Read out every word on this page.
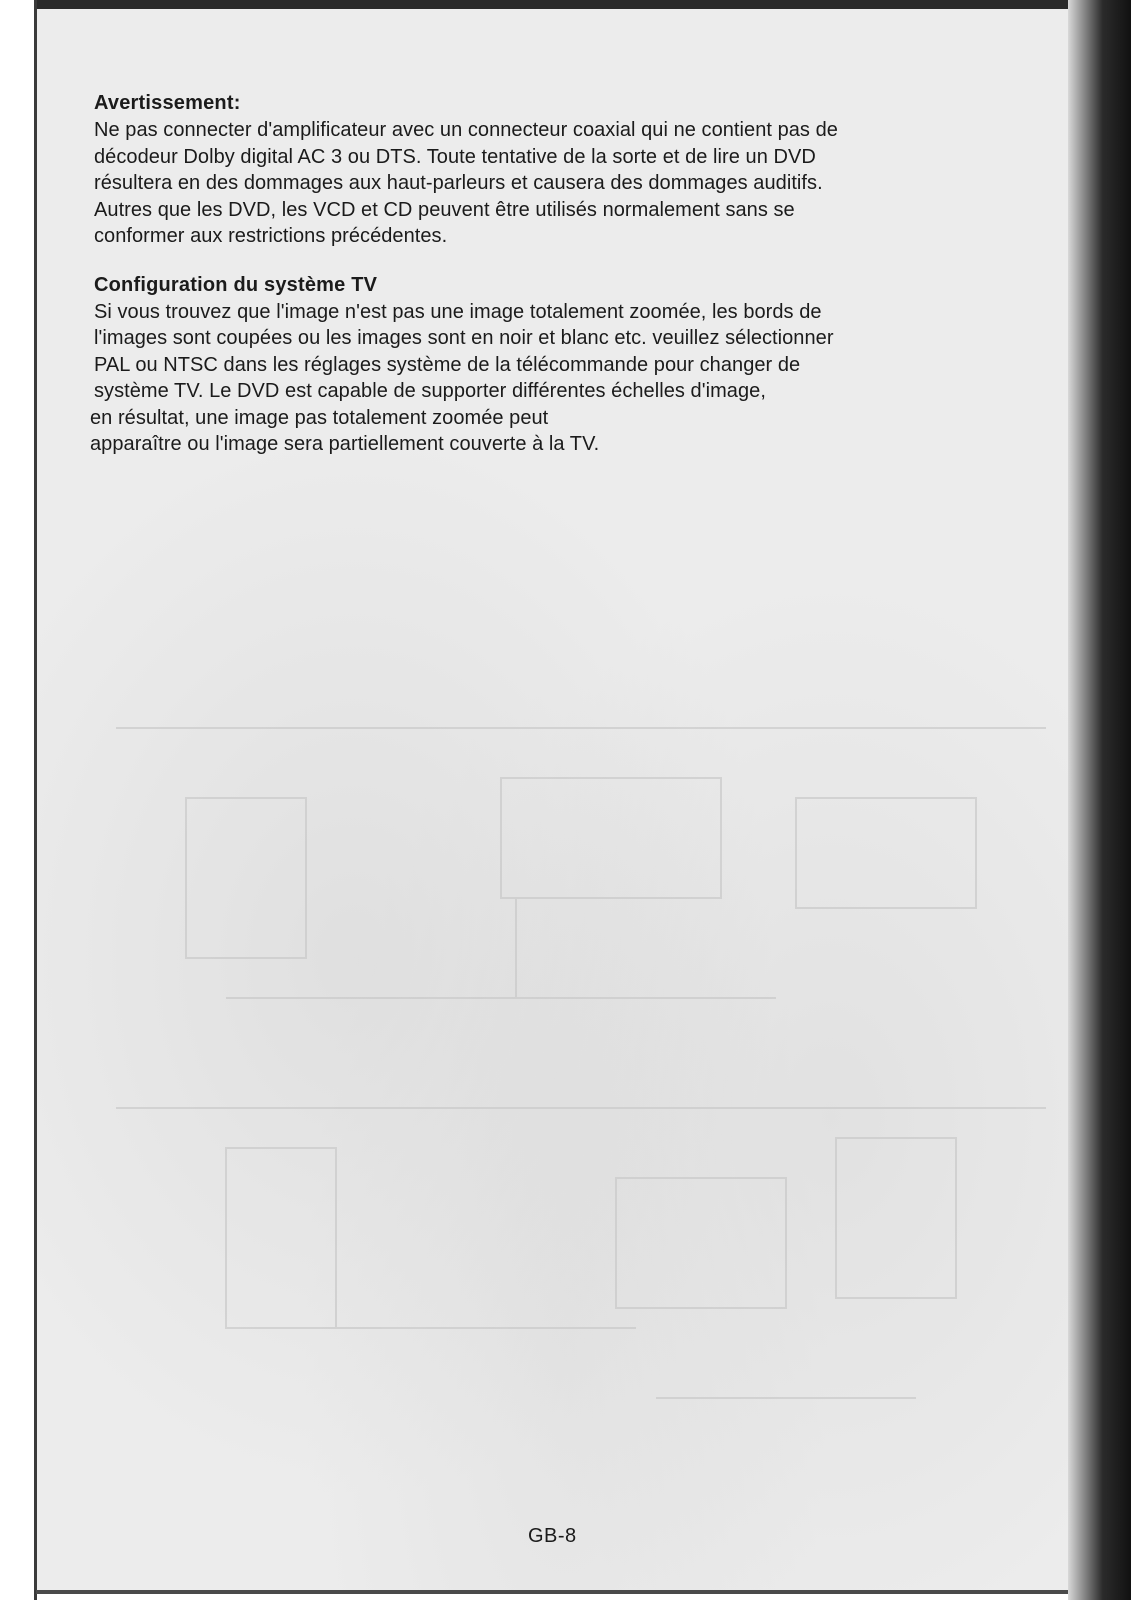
Avertissement:

Ne pas connecter d'amplificateur avec un connecteur coaxial qui ne contient pas de

décodeur Dolby digital AC 3 ou DTS. Toute tentative de la sorte et de lire un DVD

résultera en des dommages aux haut-parleurs et causera des dommages auditifs.

Autres que les DVD, les VCD et CD peuvent être utilisés normalement sans se

conformer aux restrictions précédentes.

Configuration du système TV

Si vous trouvez que l'image n'est pas une image totalement zoomée, les bords de

l'images sont coupées ou les images sont en noir et blanc etc. veuillez sélectionner

PAL ou NTSC dans les réglages système de la télécommande pour changer de

système TV. Le DVD est capable de supporter différentes échelles d'image,

en résultat, une image pas totalement zoomée peut

apparaître ou l'image sera partiellement couverte à la TV.

GB-8
